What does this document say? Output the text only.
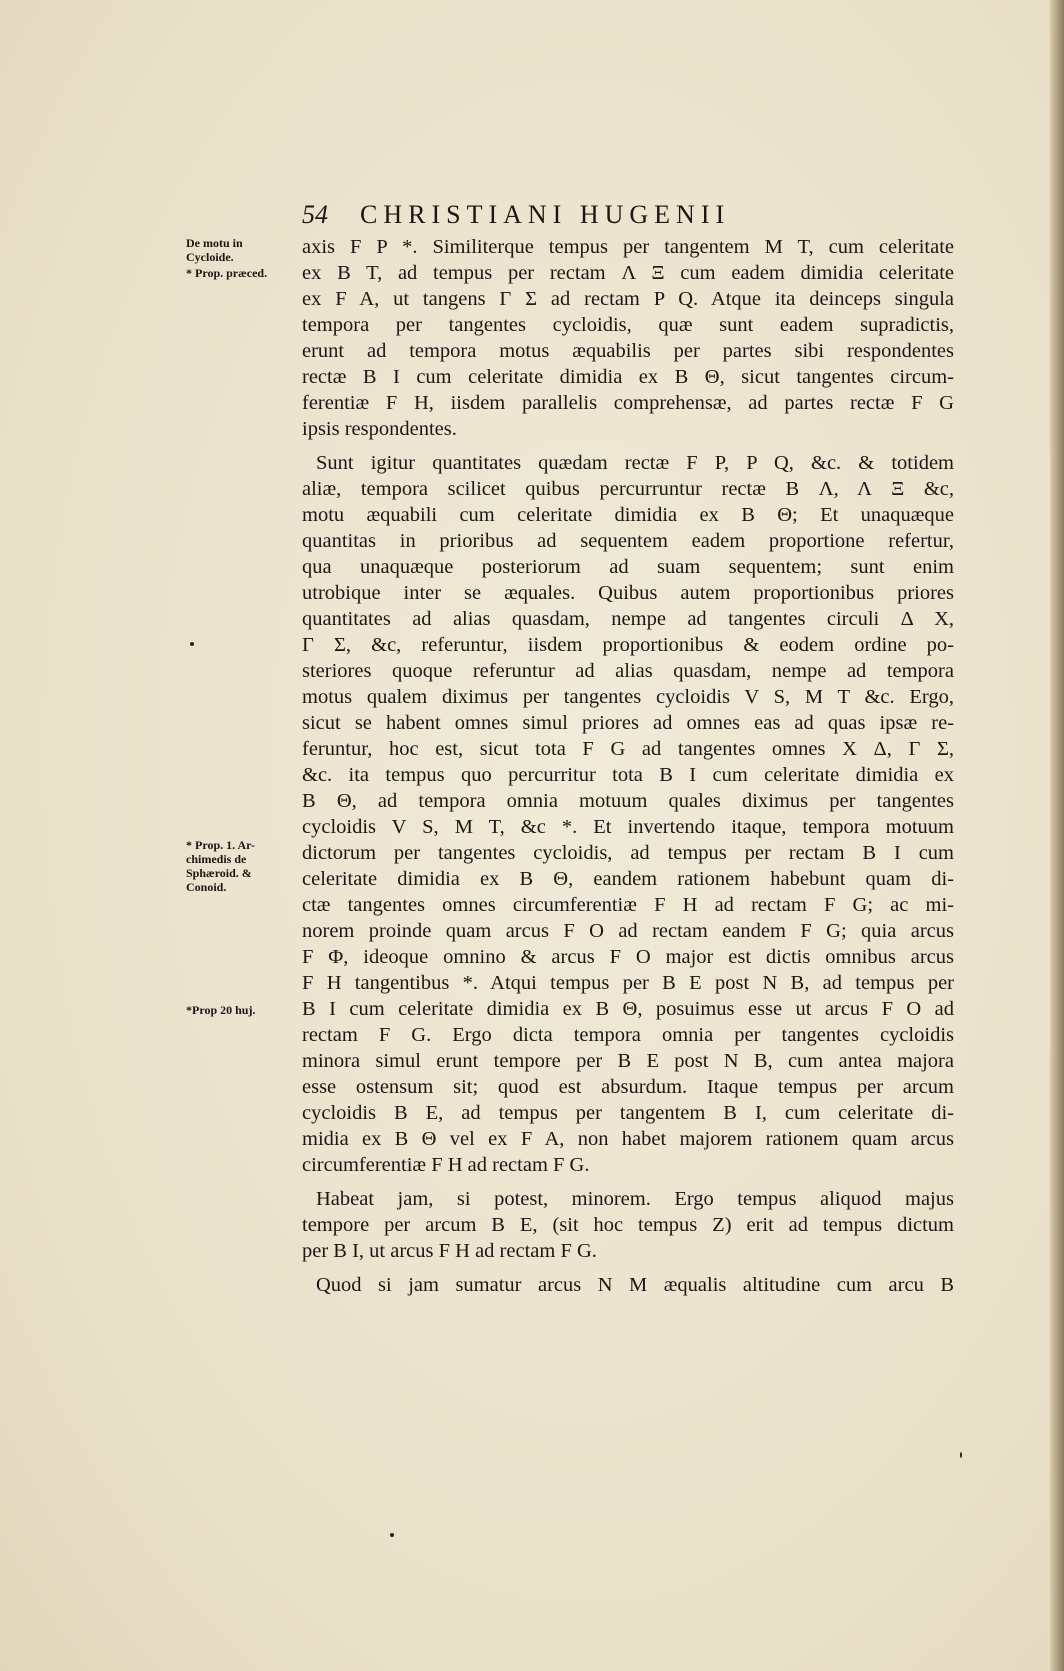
54 CHRISTIANI HUGENII
De motu in
Cycloide.
* Prop. præced.
* Prop. 1. Ar-
chimedis de
Sphæroid. &
Conoid.
*Prop 20 huj.
axis F P *. Similiterque tempus per tangentem M T, cum celeritate
ex B T, ad tempus per rectam Λ Ξ cum eadem dimidia celeritate
ex F A, ut tangens Γ Σ ad rectam P Q. Atque ita deinceps singula
tempora per tangentes cycloidis, quæ sunt eadem supradictis,
erunt ad tempora motus æquabilis per partes sibi respondentes
rectæ B I cum celeritate dimidia ex B Θ, sicut tangentes circum-
ferentiæ F H, iisdem parallelis comprehensæ, ad partes rectæ F G
ipsis respondentes.
Sunt igitur quantitates quædam rectæ F P, P Q, &c. & totidem
aliæ, tempora scilicet quibus percurruntur rectæ B Λ, Λ Ξ &c,
motu æquabili cum celeritate dimidia ex B Θ; Et unaquæque
quantitas in prioribus ad sequentem eadem proportione refertur,
qua unaquæque posteriorum ad suam sequentem; sunt enim
utrobique inter se æquales. Quibus autem proportionibus priores
quantitates ad alias quasdam, nempe ad tangentes circuli Δ X,
Γ Σ, &c, referuntur, iisdem proportionibus & eodem ordine po-
steriores quoque referuntur ad alias quasdam, nempe ad tempora
motus qualem diximus per tangentes cycloidis V S, M T &c. Ergo,
sicut se habent omnes simul priores ad omnes eas ad quas ipsæ re-
feruntur, hoc est, sicut tota F G ad tangentes omnes X Δ, Γ Σ,
&c. ita tempus quo percurritur tota B I cum celeritate dimidia ex
B Θ, ad tempora omnia motuum quales diximus per tangentes
cycloidis V S, M T, &c *. Et invertendo itaque, tempora motuum
dictorum per tangentes cycloidis, ad tempus per rectam B I cum
celeritate dimidia ex B Θ, eandem rationem habebunt quam di-
ctæ tangentes omnes circumferentiæ F H ad rectam F G; ac mi-
norem proinde quam arcus F O ad rectam eandem F G; quia arcus
F Φ, ideoque omnino & arcus F O major est dictis omnibus arcus
F H tangentibus *. Atqui tempus per B E post N B, ad tempus per
B I cum celeritate dimidia ex B Θ, posuimus esse ut arcus F O ad
rectam F G. Ergo dicta tempora omnia per tangentes cycloidis
minora simul erunt tempore per B E post N B, cum antea majora
esse ostensum sit; quod est absurdum. Itaque tempus per arcum
cycloidis B E, ad tempus per tangentem B I, cum celeritate di-
midia ex B Θ vel ex F A, non habet majorem rationem quam arcus
circumferentiæ F H ad rectam F G.
Habeat jam, si potest, minorem. Ergo tempus aliquod majus
tempore per arcum B E, (sit hoc tempus Z) erit ad tempus dictum
per B I, ut arcus F H ad rectam F G.
Quod si jam sumatur arcus N M æqualis altitudine cum arcu B
